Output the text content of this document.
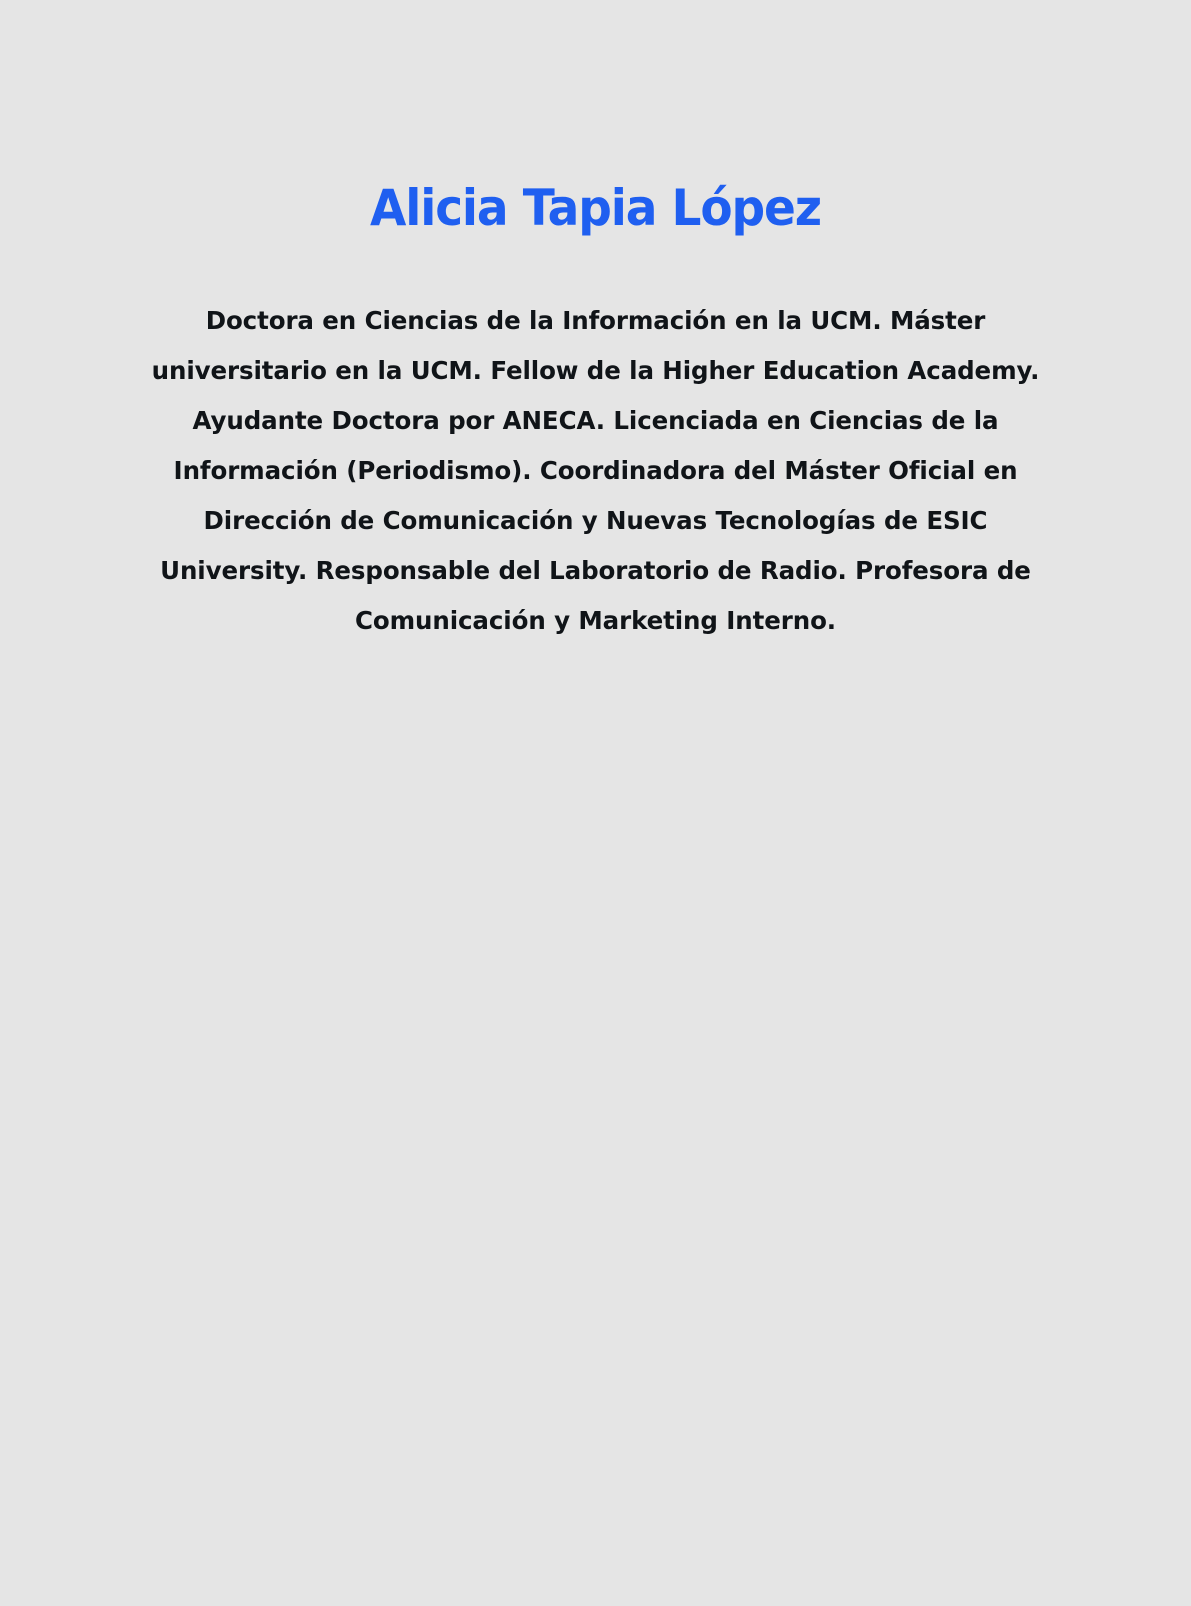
Alicia Tapia López

Doctora en Ciencias de la Información en la UCM. Máster universitario en la UCM. Fellow de la Higher Education Academy. Ayudante Doctora por ANECA. Licenciada en Ciencias de la Información (Periodismo). Coordinadora del Máster Oficial en Dirección de Comunicación y Nuevas Tecnologías de ESIC University. Responsable del Laboratorio de Radio. Profesora de Comunicación y Marketing Interno.
